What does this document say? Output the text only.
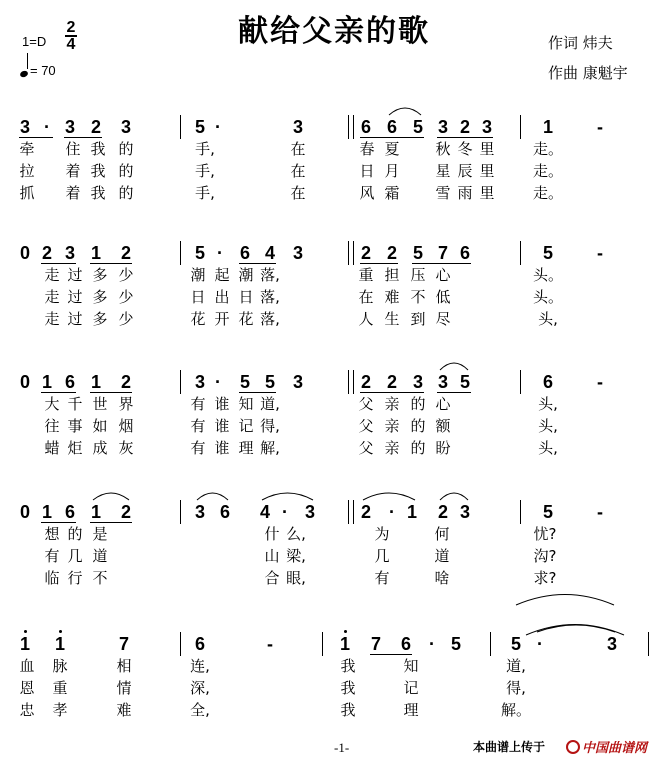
献给父亲的歌
1=D
2
4
= 70
作词 炜夫
作曲 康魁宇
3 · 3 2 3	5 ·	3	6 6 5 3 2 3	1 -
牵	住 我 的	手,	在	春 夏	秋 冬 里	走。
拉	着 我 的	手,	在	日 月	星 辰 里	走。
抓	着 我 的	手,	在	风 霜	雪 雨 里	走。
0 2 3 1 2	5 · 6 4 3	2 2 5 7 6	5 -
走 过 多 少	潮 起 潮 落,	重 担 压 心	头。
走 过 多 少	日 出 日 落,	在 难 不 低	头。
走 过 多 少	花 开 花 落,	人 生 到 尽	头,
0 1 6 1 2	3 · 5 5 3	2 2 3 3 5	6 -
大 千 世 界	有 谁 知 道,	父 亲 的 心	头,
往 事 如 烟	有 谁 记 得,	父 亲 的 额	头,
蜡 炬 成 灰	有 谁 理 解,	父 亲 的 盼	头,
0 1 6 1 2	3 6 4 · 3	2 · 1 2 3	5 -
想 的 是	什 么,	为	何	忧?
有 几 道	山 梁,	几	道	沟?
临 行 不	合 眼,	有	啥	求?
1 1	7	6	-	1 7 6 · 5	5 ·	3
血	脉	相	连,	我	知	道,
恩	重	情	深,	我	记	得,
忠	孝	难	全,	我	理	解。
-1-	本曲谱上传于	中国曲谱网
